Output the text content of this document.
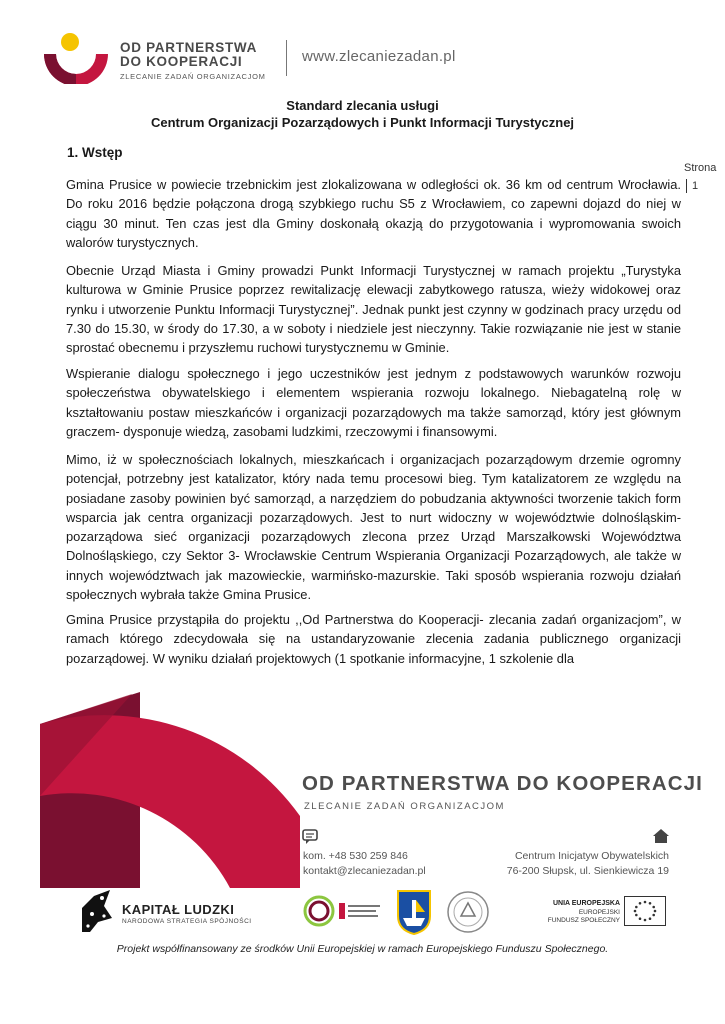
OD PARTNERSTWA
DO KOOPERACJI
ZLECANIE ZADAŃ ORGANIZACJOM
www.zlecaniezadan.pl
Standard zlecania usługi
Centrum Organizacji Pozarządowych i Punkt Informacji Turystycznej
1. Wstęp
Strona
1

Gmina Prusice w powiecie trzebnickim jest zlokalizowana w odległości ok. 36 km od centrum Wrocławia. Do roku 2016 będzie połączona drogą szybkiego ruchu S5 z Wrocławiem, co zapewni dojazd do niej w ciągu 30 minut. Ten czas jest dla Gminy doskonałą okazją do przygotowania i wypromowania swoich walorów turystycznych.

Obecnie Urząd Miasta i Gminy prowadzi Punkt Informacji Turystycznej w ramach projektu „Turystyka kulturowa w Gminie Prusice poprzez rewitalizację elewacji zabytkowego ratusza, wieży widokowej oraz rynku i utworzenie Punktu Informacji Turystycznej”. Jednak punkt jest czynny w godzinach pracy urzędu od 7.30 do 15.30, w środy do 17.30, a w soboty i niedziele jest nieczynny. Takie rozwiązanie nie jest w stanie sprostać obecnemu i przyszłemu ruchowi turystycznemu w Gminie.

Wspieranie dialogu społecznego i jego uczestników jest jednym z podstawowych warunków rozwoju społeczeństwa obywatelskiego i elementem wspierania rozwoju lokalnego. Niebagatelną rolę w kształtowaniu postaw mieszkańców i organizacji pozarządowych ma także samorząd, który jest głównym graczem- dysponuje wiedzą, zasobami ludzkimi, rzeczowymi i finansowymi.

Mimo, iż w społecznościach lokalnych, mieszkańcach i organizacjach pozarządowym drzemie ogromny potencjał, potrzebny jest katalizator, który nada temu procesowi bieg. Tym katalizatorem ze względu na posiadane zasoby powinien być samorząd, a narzędziem do pobudzania aktywności tworzenie takich form wsparcia jak centra organizacji pozarządowych. Jest to nurt widoczny w województwie dolnośląskim- pozarządowa sieć organizacji pozarządowych zlecona przez Urząd Marszałkowski Województwa Dolnośląskiego, czy Sektor 3- Wrocławskie Centrum Wspierania Organizacji Pozarządowych, ale także w innych województwach jak mazowieckie, warmińsko-mazurskie. Taki sposób wspierania rozwoju działań społecznych wybrała także Gmina Prusice.

Gmina Prusice przystąpiła do projektu ,,Od Partnerstwa do Kooperacji- zlecania zadań organizacjom”, w ramach którego zdecydowała się na ustandaryzowanie zlecenia zadania publicznego organizacji pozarządowej. W wyniku działań projektowych (1 spotkanie informacyjne, 1 szkolenie dla

OD PARTNERSTWA DO KOOPERACJI
ZLECANIE ZADAŃ ORGANIZACJOM
kom. +48 530 259 846
kontakt@zlecaniezadan.pl
Centrum Inicjatyw Obywatelskich
76-200 Słupsk, ul. Sienkiewicza 19
KAPITAŁ LUDZKI
NARODOWA STRATEGIA SPÓJNOŚCI
UNIA EUROPEJSKA
EUROPEJSKI
FUNDUSZ SPOŁECZNY
Projekt współfinansowany ze środków Unii Europejskiej w ramach Europejskiego Funduszu Społecznego.
